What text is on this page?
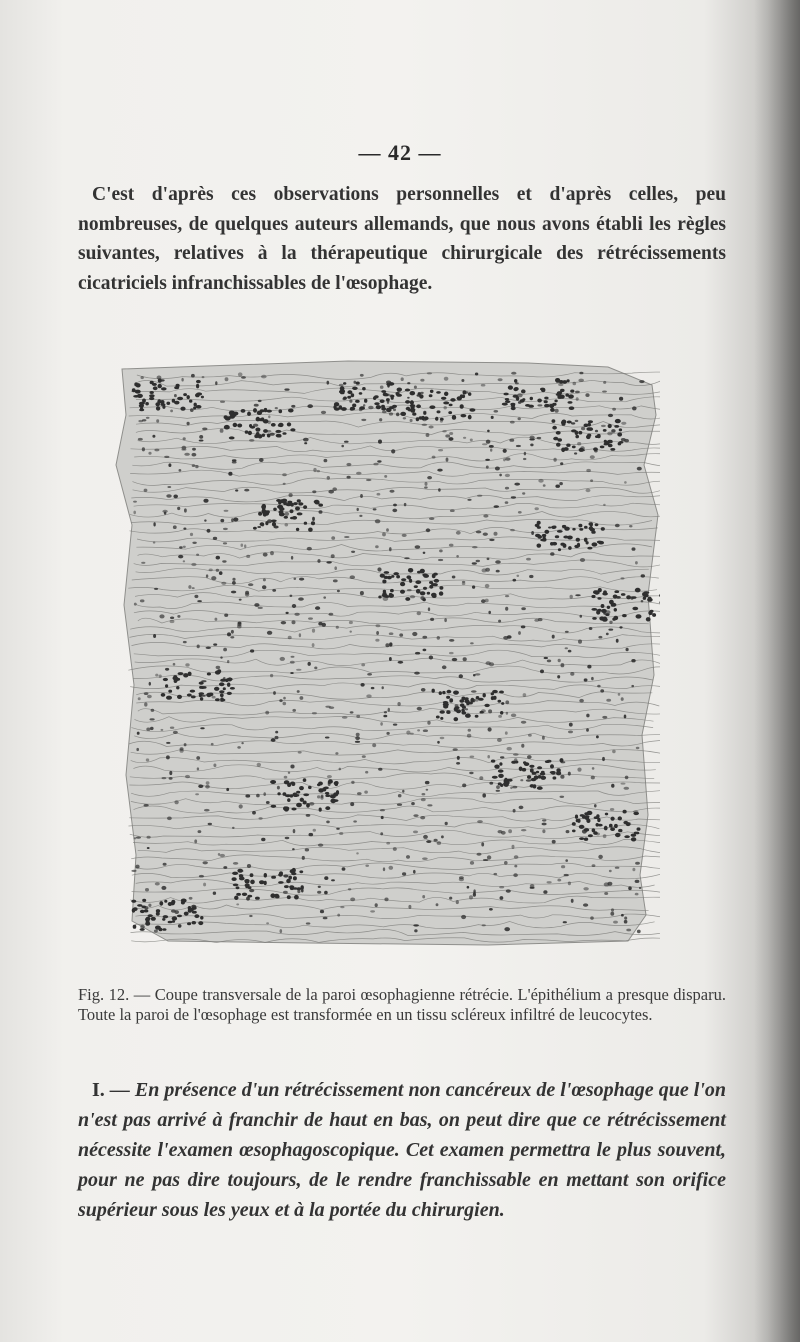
— 42 —

C'est d'après ces observations personnelles et d'après celles, peu nombreuses, de quelques auteurs allemands, que nous avons établi les règles suivantes, relatives à la thérapeutique chirurgicale des rétrécissements cicatriciels infranchissables de l'œsophage.

Fig. 12. — Coupe transversale de la paroi œsophagienne rétrécie. L'épithélium a presque disparu. Toute la paroi de l'œsophage est transformée en un tissu scléreux infiltré de leucocytes.

I. — En présence d'un rétrécissement non cancéreux de l'œsophage que l'on n'est pas arrivé à franchir de haut en bas, on peut dire que ce rétrécissement nécessite l'examen œsophagoscopique. Cet examen permettra le plus souvent, pour ne pas dire toujours, de le rendre franchissable en mettant son orifice supérieur sous les yeux et à la portée du chirurgien.
